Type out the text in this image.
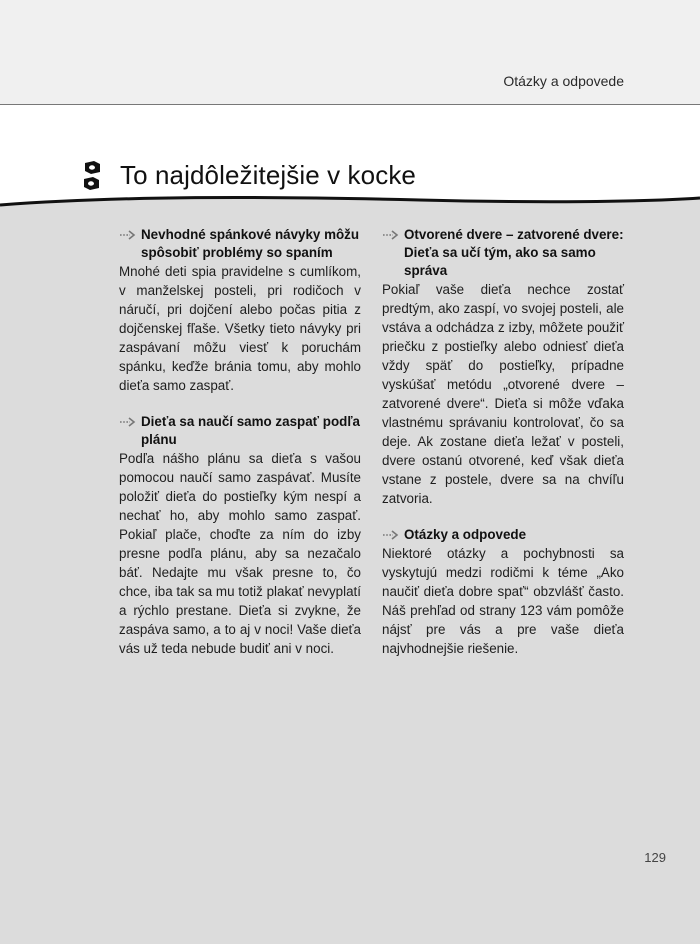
Otázky a odpovede
To najdôležitejšie v kocke
Nevhodné spánkové návyky môžu spôsobiť problémy so spaním

Mnohé deti spia pravidelne s cumlíkom, v manželskej posteli, pri rodičoch v náručí, pri dojčení alebo počas pitia z dojčenskej fľaše. Všetky tieto návyky pri zaspávaní môžu viesť k poruchám spánku, keďže bránia tomu, aby mohlo dieťa samo zaspať.

Dieťa sa naučí samo zaspať podľa plánu

Podľa nášho plánu sa dieťa s vašou pomocou naučí samo zaspávať. Musíte položiť dieťa do postieľky kým nespí a nechať ho, aby mohlo samo zaspať. Pokiaľ plače, choďte za ním do izby presne podľa plánu, aby sa nezačalo báť. Nedajte mu však presne to, čo chce, iba tak sa mu totiž plakať nevyplatí a rýchlo prestane. Dieťa si zvykne, že zaspáva samo, a to aj v noci! Vaše dieťa vás už teda nebude budiť ani v noci.

Otvorené dvere – zatvorené dvere: Dieťa sa učí tým, ako sa samo správa

Pokiaľ vaše dieťa nechce zostať predtým, ako zaspí, vo svojej posteli, ale vstáva a odchádza z izby, môžete použiť priečku z postieľky alebo odniesť dieťa vždy späť do postieľky, prípadne vyskúšať metódu „otvorené dvere – zatvorené dvere“. Dieťa si môže vďaka vlastnému správaniu kontrolovať, čo sa deje. Ak zostane dieťa ležať v posteli, dvere ostanú otvorené, keď však dieťa vstane z postele, dvere sa na chvíľu zatvoria.

Otázky a odpovede

Niektoré otázky a pochybnosti sa vyskytujú medzi rodičmi k téme „Ako naučiť dieťa dobre spať“ obzvlášť často. Náš prehľad od strany 123 vám pomôže nájsť pre vás a pre vaše dieťa najvhodnejšie riešenie.

129
